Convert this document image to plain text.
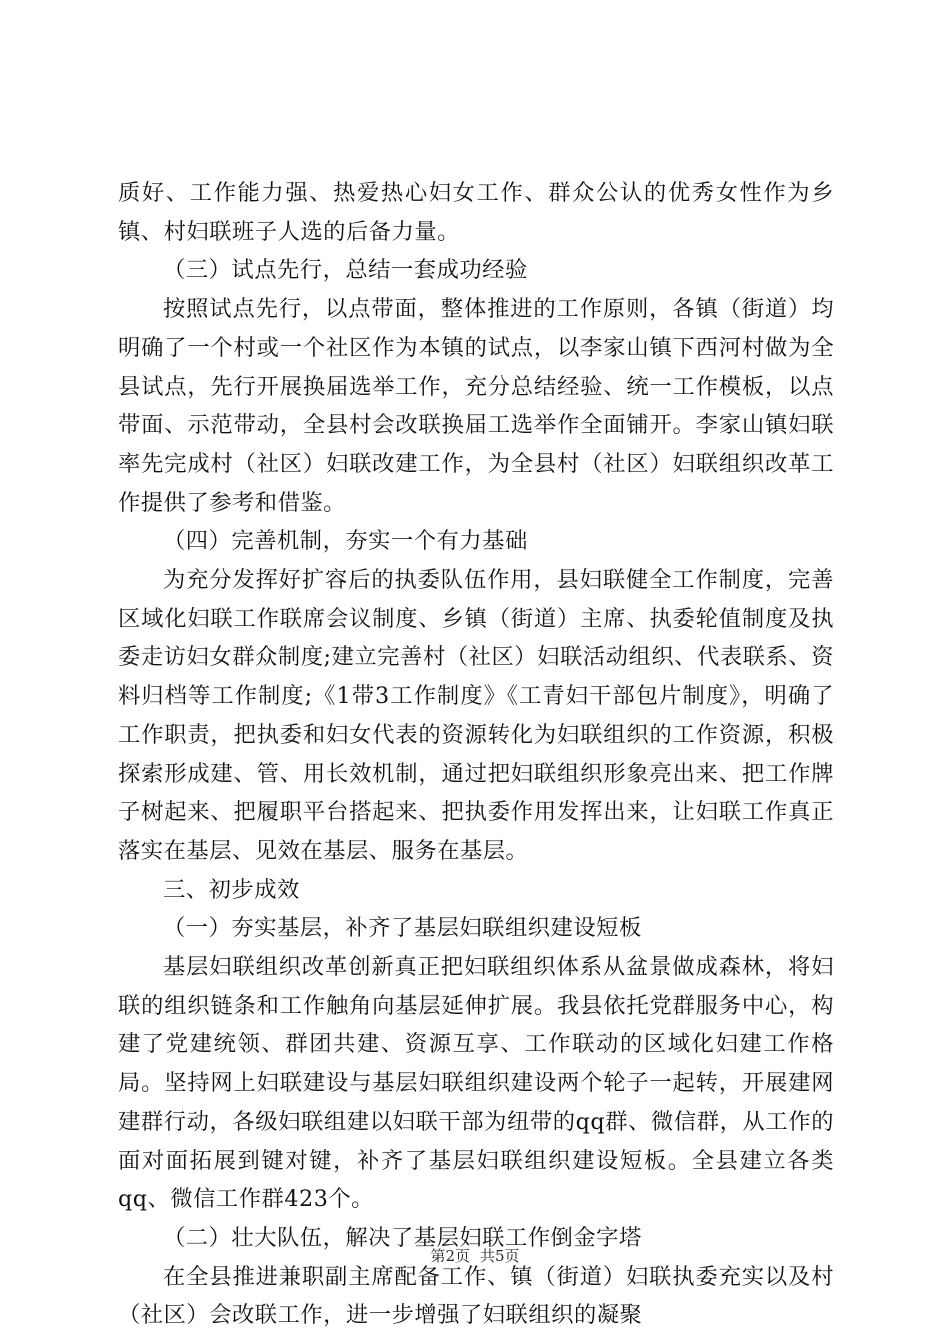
质好、工作能力强、热爱热心妇女工作、群众公认的优秀女性作为乡镇、村妇联班子人选的后备力量。

（三）试点先行，总结一套成功经验

按照试点先行，以点带面，整体推进的工作原则，各镇（街道）均明确了一个村或一个社区作为本镇的试点，以李家山镇下西河村做为全县试点，先行开展换届选举工作，充分总结经验、统一工作模板，以点带面、示范带动，全县村会改联换届工选举作全面铺开。李家山镇妇联率先完成村（社区）妇联改建工作，为全县村（社区）妇联组织改革工作提供了参考和借鉴。

（四）完善机制，夯实一个有力基础

为充分发挥好扩容后的执委队伍作用，县妇联健全工作制度，完善区域化妇联工作联席会议制度、乡镇（街道）主席、执委轮值制度及执委走访妇女群众制度;建立完善村（社区）妇联活动组织、代表联系、资料归档等工作制度;《1带3工作制度》《工青妇干部包片制度》，明确了工作职责，把执委和妇女代表的资源转化为妇联组织的工作资源，积极探索形成建、管、用长效机制，通过把妇联组织形象亮出来、把工作牌子树起来、把履职平台搭起来、把执委作用发挥出来，让妇联工作真正落实在基层、见效在基层、服务在基层。

三、初步成效

（一）夯实基层，补齐了基层妇联组织建设短板

基层妇联组织改革创新真正把妇联组织体系从盆景做成森林，将妇联的组织链条和工作触角向基层延伸扩展。我县依托党群服务中心，构建了党建统领、群团共建、资源互享、工作联动的区域化妇建工作格局。坚持网上妇联建设与基层妇联组织建设两个轮子一起转，开展建网建群行动，各级妇联组建以妇联干部为纽带的qq群、微信群，从工作的面对面拓展到键对键，补齐了基层妇联组织建设短板。全县建立各类qq、微信工作群423个。

（二）壮大队伍，解决了基层妇联工作倒金字塔

在全县推进兼职副主席配备工作、镇（街道）妇联执委充实以及村（社区）会改联工作，进一步增强了妇联组织的凝聚

第2页 共5页
